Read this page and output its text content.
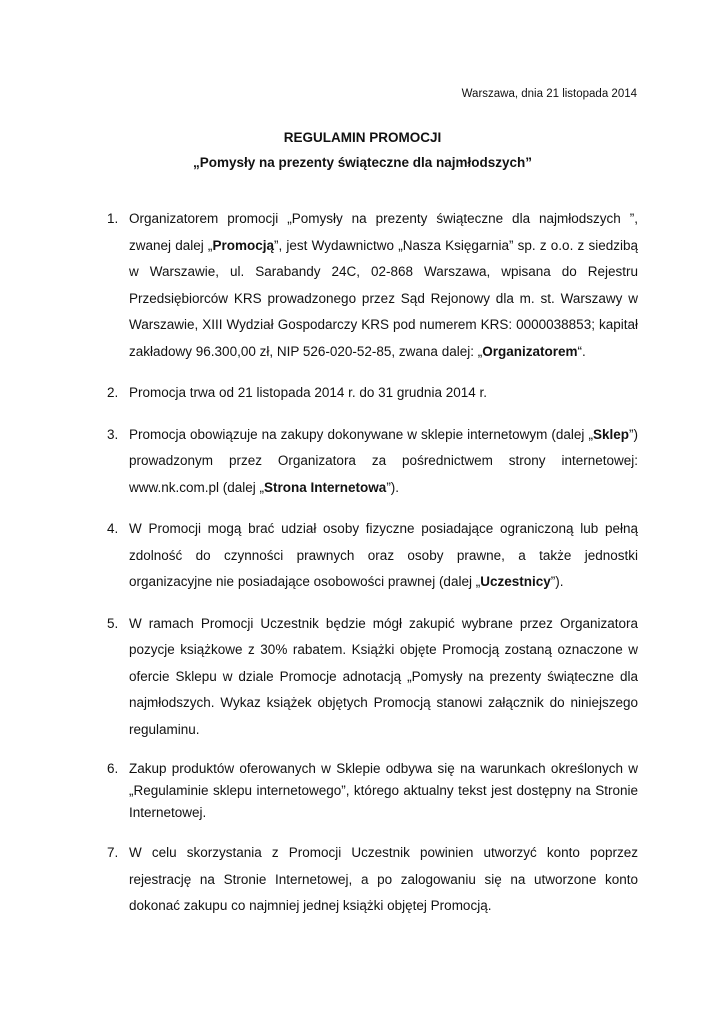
Warszawa, dnia 21 listopada 2014
REGULAMIN PROMOCJI
„Pomysły na prezenty świąteczne dla najmłodszych”
1. Organizatorem promocji „Pomysły na prezenty świąteczne dla najmłodszych ”, zwanej dalej „Promocją”, jest Wydawnictwo „Nasza Księgarnia” sp. z o.o. z siedzibą w Warszawie, ul. Sarabandy 24C, 02-868 Warszawa, wpisana do Rejestru Przedsiębiorców KRS prowadzonego przez Sąd Rejonowy dla m. st. Warszawy w Warszawie, XIII Wydział Gospodarczy KRS pod numerem KRS: 0000038853; kapitał zakładowy 96.300,00 zł, NIP 526-020-52-85, zwana dalej: „Organizatorem“.
2. Promocja trwa od 21 listopada 2014 r. do 31 grudnia 2014 r.
3. Promocja obowiązuje na zakupy dokonywane w sklepie internetowym (dalej „Sklep”) prowadzonym przez Organizatora za pośrednictwem strony internetowej: www.nk.com.pl (dalej „Strona Internetowa”).
4. W Promocji mogą brać udział osoby fizyczne posiadające ograniczoną lub pełną zdolność do czynności prawnych oraz osoby prawne, a także jednostki organizacyjne nie posiadające osobowości prawnej (dalej „Uczestnicy”).
5. W ramach Promocji Uczestnik będzie mógł zakupić wybrane przez Organizatora pozycje książkowe z 30% rabatem. Książki objęte Promocją zostaną oznaczone w ofercie Sklepu w dziale Promocje adnotacją „Pomysły na prezenty świąteczne dla najmłodszych. Wykaz książek objętych Promocją stanowi załącznik do niniejszego regulaminu.
6. Zakup produktów oferowanych w Sklepie odbywa się na warunkach określonych w „Regulaminie sklepu internetowego”, którego aktualny tekst jest dostępny na Stronie Internetowej.
7. W celu skorzystania z Promocji Uczestnik powinien utworzyć konto poprzez rejestrację na Stronie Internetowej, a po zalogowaniu się na utworzone konto dokonać zakupu co najmniej jednej książki objętej Promocją.
